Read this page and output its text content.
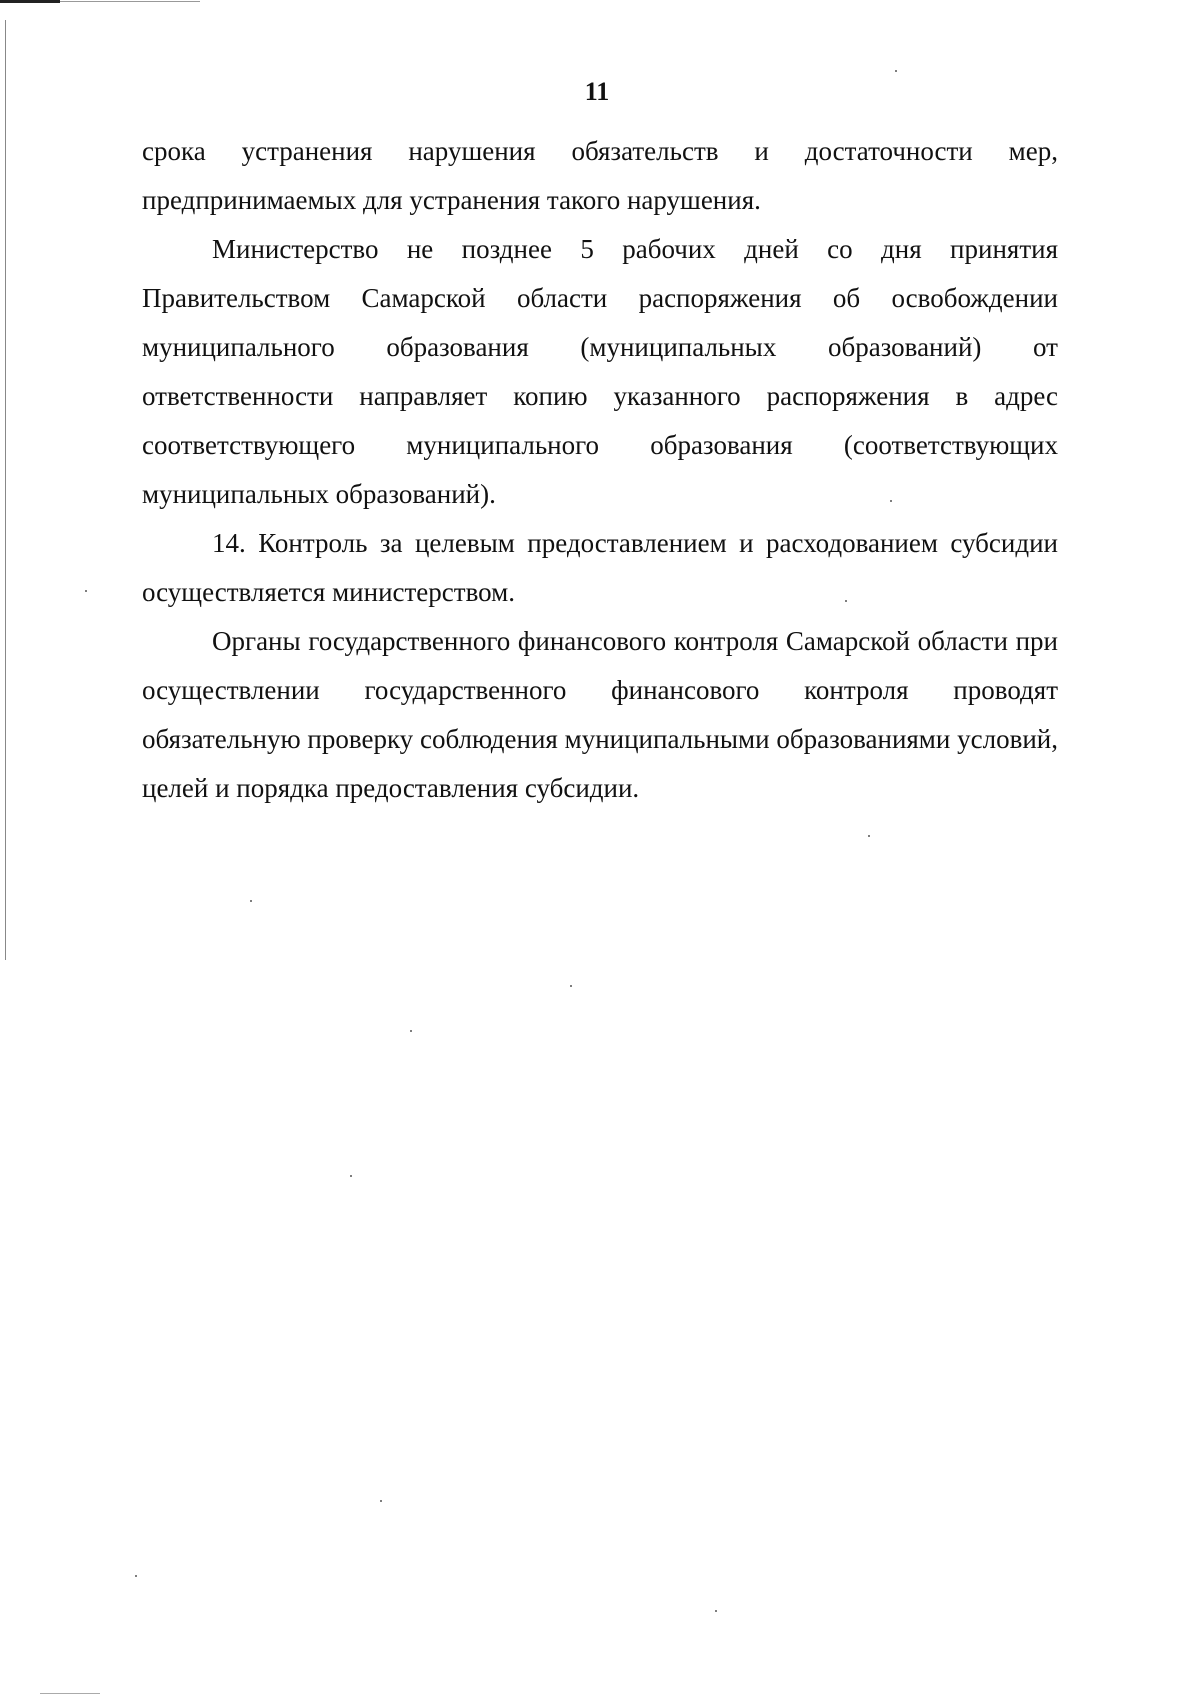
11

срока устранения нарушения обязательств и достаточности мер, предпринимаемых для устранения такого нарушения.

Министерство не позднее 5 рабочих дней со дня принятия Правительством Самарской области распоряжения об освобождении муниципального образования (муниципальных образований) от ответственности направляет копию указанного распоряжения в адрес соответствующего муниципального образования (соответствующих муниципальных образований).

14. Контроль за целевым предоставлением и расходованием субсидии осуществляется министерством.

Органы государственного финансового контроля Самарской области при осуществлении государственного финансового контроля проводят обязательную проверку соблюдения муниципальными образованиями условий, целей и порядка предоставления субсидии.
